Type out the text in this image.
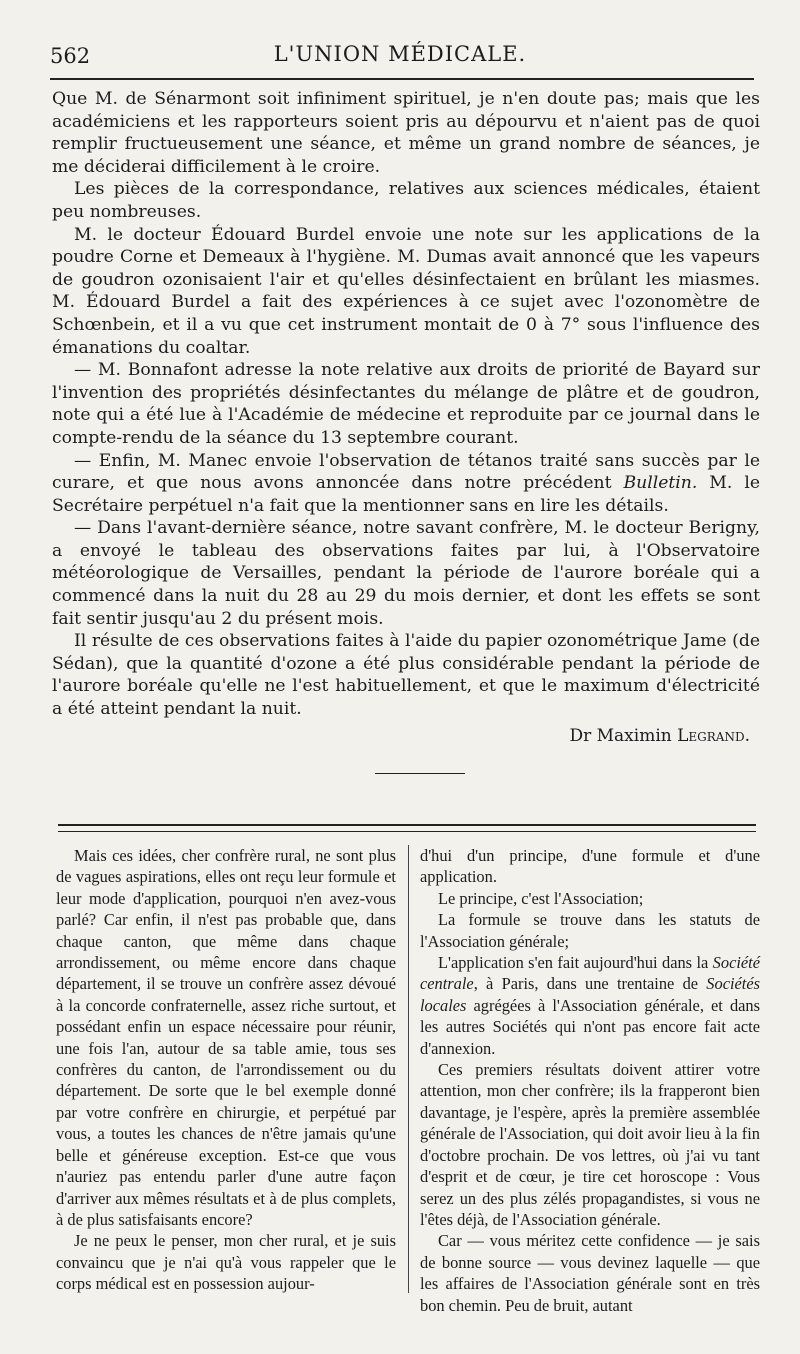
562	L'UNION MÉDICALE.

Que M. de Sénarmont soit infiniment spirituel, je n'en doute pas; mais que les académiciens et les rapporteurs soient pris au dépourvu et n'aient pas de quoi remplir fructueusement une séance, et même un grand nombre de séances, je me déciderai difficilement à le croire.

Les pièces de la correspondance, relatives aux sciences médicales, étaient peu nombreuses.

M. le docteur Édouard Burdel envoie une note sur les applications de la poudre Corne et Demeaux à l'hygiène. M. Dumas avait annoncé que les vapeurs de goudron ozonisaient l'air et qu'elles désinfectaient en brûlant les miasmes. M. Édouard Burdel a fait des expériences à ce sujet avec l'ozonomètre de Schœnbein, et il a vu que cet instrument montait de 0 à 7° sous l'influence des émanations du coaltar.

— M. Bonnafont adresse la note relative aux droits de priorité de Bayard sur l'invention des propriétés désinfectantes du mélange de plâtre et de goudron, note qui a été lue à l'Académie de médecine et reproduite par ce journal dans le compte-rendu de la séance du 13 septembre courant.

— Enfin, M. Manec envoie l'observation de tétanos traité sans succès par le curare, et que nous avons annoncée dans notre précédent Bulletin. M. le Secrétaire perpétuel n'a fait que la mentionner sans en lire les détails.

— Dans l'avant-dernière séance, notre savant confrère, M. le docteur Berigny, a envoyé le tableau des observations faites par lui, à l'Observatoire météorologique de Versailles, pendant la période de l'aurore boréale qui a commencé dans la nuit du 28 au 29 du mois dernier, et dont les effets se sont fait sentir jusqu'au 2 du présent mois.

Il résulte de ces observations faites à l'aide du papier ozonométrique Jame (de Sédan), que la quantité d'ozone a été plus considérable pendant la période de l'aurore boréale qu'elle ne l'est habituellement, et que le maximum d'électricité a été atteint pendant la nuit.

Dr Maximin Legrand.

Mais ces idées, cher confrère rural, ne sont plus de vagues aspirations, elles ont reçu leur formule et leur mode d'application, pourquoi n'en avez-vous parlé? Car enfin, il n'est pas probable que, dans chaque canton, que même dans chaque arrondissement, ou même encore dans chaque département, il se trouve un confrère assez dévoué à la concorde confraternelle, assez riche surtout, et possédant enfin un espace nécessaire pour réunir, une fois l'an, autour de sa table amie, tous ses confrères du canton, de l'arrondissement ou du département. De sorte que le bel exemple donné par votre confrère en chirurgie, et perpétué par vous, a toutes les chances de n'être jamais qu'une belle et généreuse exception. Est-ce que vous n'auriez pas entendu parler d'une autre façon d'arriver aux mêmes résultats et à de plus complets, à de plus satisfaisants encore?

Je ne peux le penser, mon cher rural, et je suis convaincu que je n'ai qu'à vous rappeler que le corps médical est en possession aujour-

d'hui d'un principe, d'une formule et d'une application.

Le principe, c'est l'Association;

La formule se trouve dans les statuts de l'Association générale;

L'application s'en fait aujourd'hui dans la Société centrale, à Paris, dans une trentaine de Sociétés locales agrégées à l'Association générale, et dans les autres Sociétés qui n'ont pas encore fait acte d'annexion.

Ces premiers résultats doivent attirer votre attention, mon cher confrère; ils la frapperont bien davantage, je l'espère, après la première assemblée générale de l'Association, qui doit avoir lieu à la fin d'octobre prochain. De vos lettres, où j'ai vu tant d'esprit et de cœur, je tire cet horoscope : Vous serez un des plus zélés propagandistes, si vous ne l'êtes déjà, de l'Association générale.

Car — vous méritez cette confidence — je sais de bonne source — vous devinez laquelle — que les affaires de l'Association générale sont en très bon chemin. Peu de bruit, autant
